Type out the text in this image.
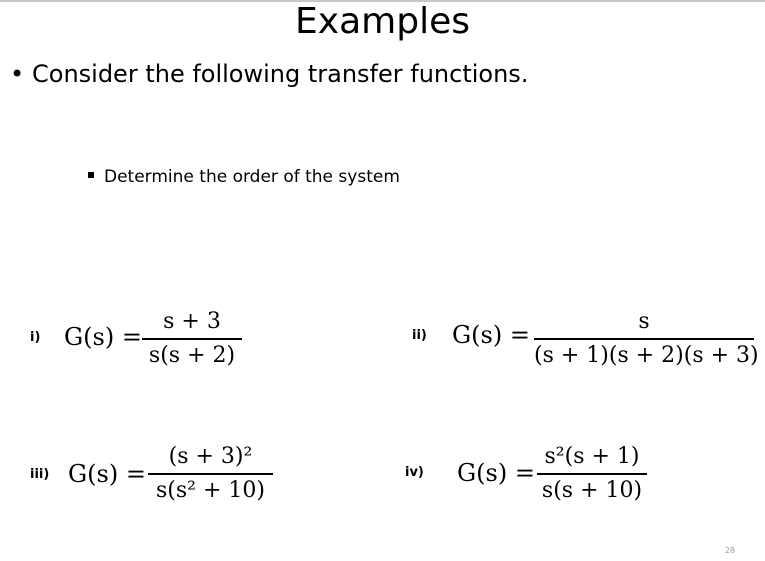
Examples
• Consider the following transfer functions.
Determine the order of the system
i) G(s) =
s + 3
s(s + 2)
ii) G(s) =	s
(s + 1)(s + 2)(s + 3)
iii) G(s) =
(s + 3)²
s(s² + 10)
iv) G(s) =
s²(s + 1)
s(s + 10)
28
